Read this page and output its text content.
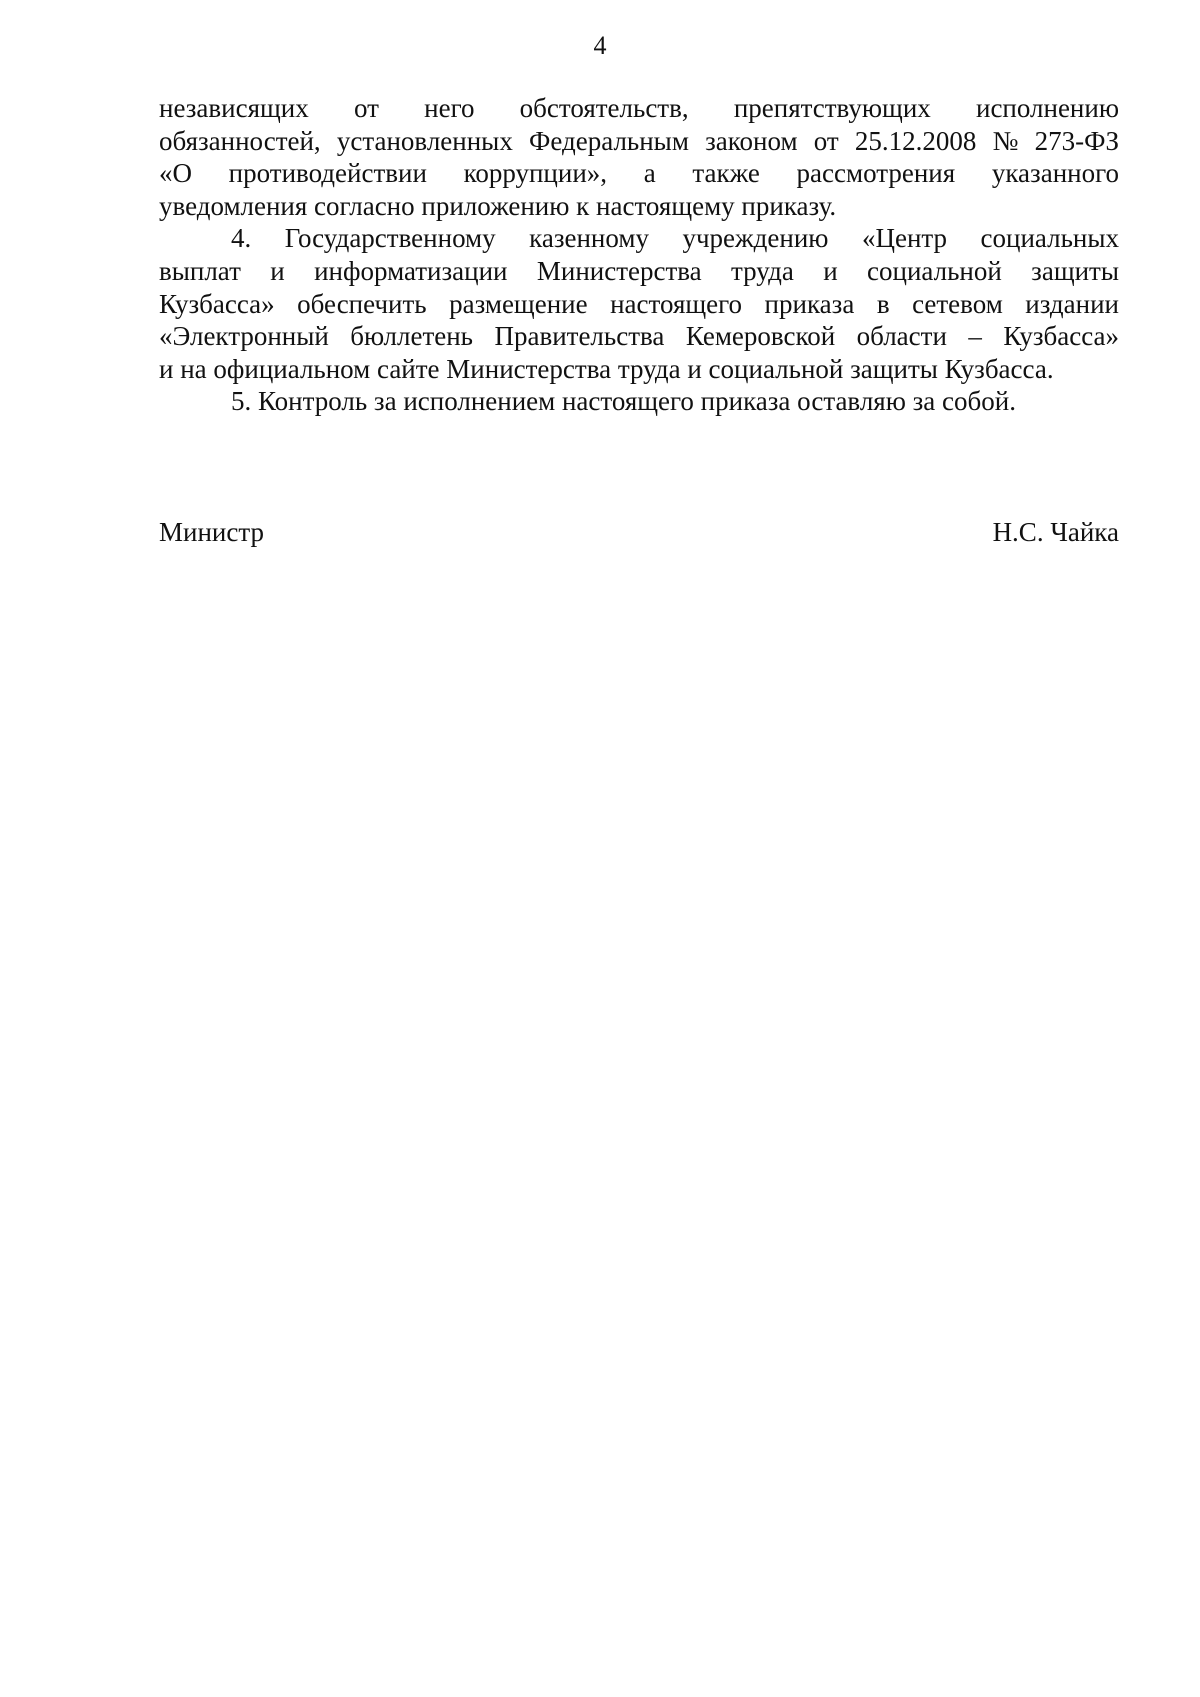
4

независящих от него обстоятельств, препятствующих исполнению
обязанностей, установленных Федеральным законом от 25.12.2008 № 273-ФЗ
«О противодействии коррупции», а также рассмотрения указанного
уведомления согласно приложению к настоящему приказу.

4. Государственному казенному учреждению «Центр социальных
выплат и информатизации Министерства труда и социальной защиты
Кузбасса» обеспечить размещение настоящего приказа в сетевом издании
«Электронный бюллетень Правительства Кемеровской области – Кузбасса»
и на официальном сайте Министерства труда и социальной защиты Кузбасса.

5. Контроль за исполнением настоящего приказа оставляю за собой.

Министр	Н.С. Чайка
